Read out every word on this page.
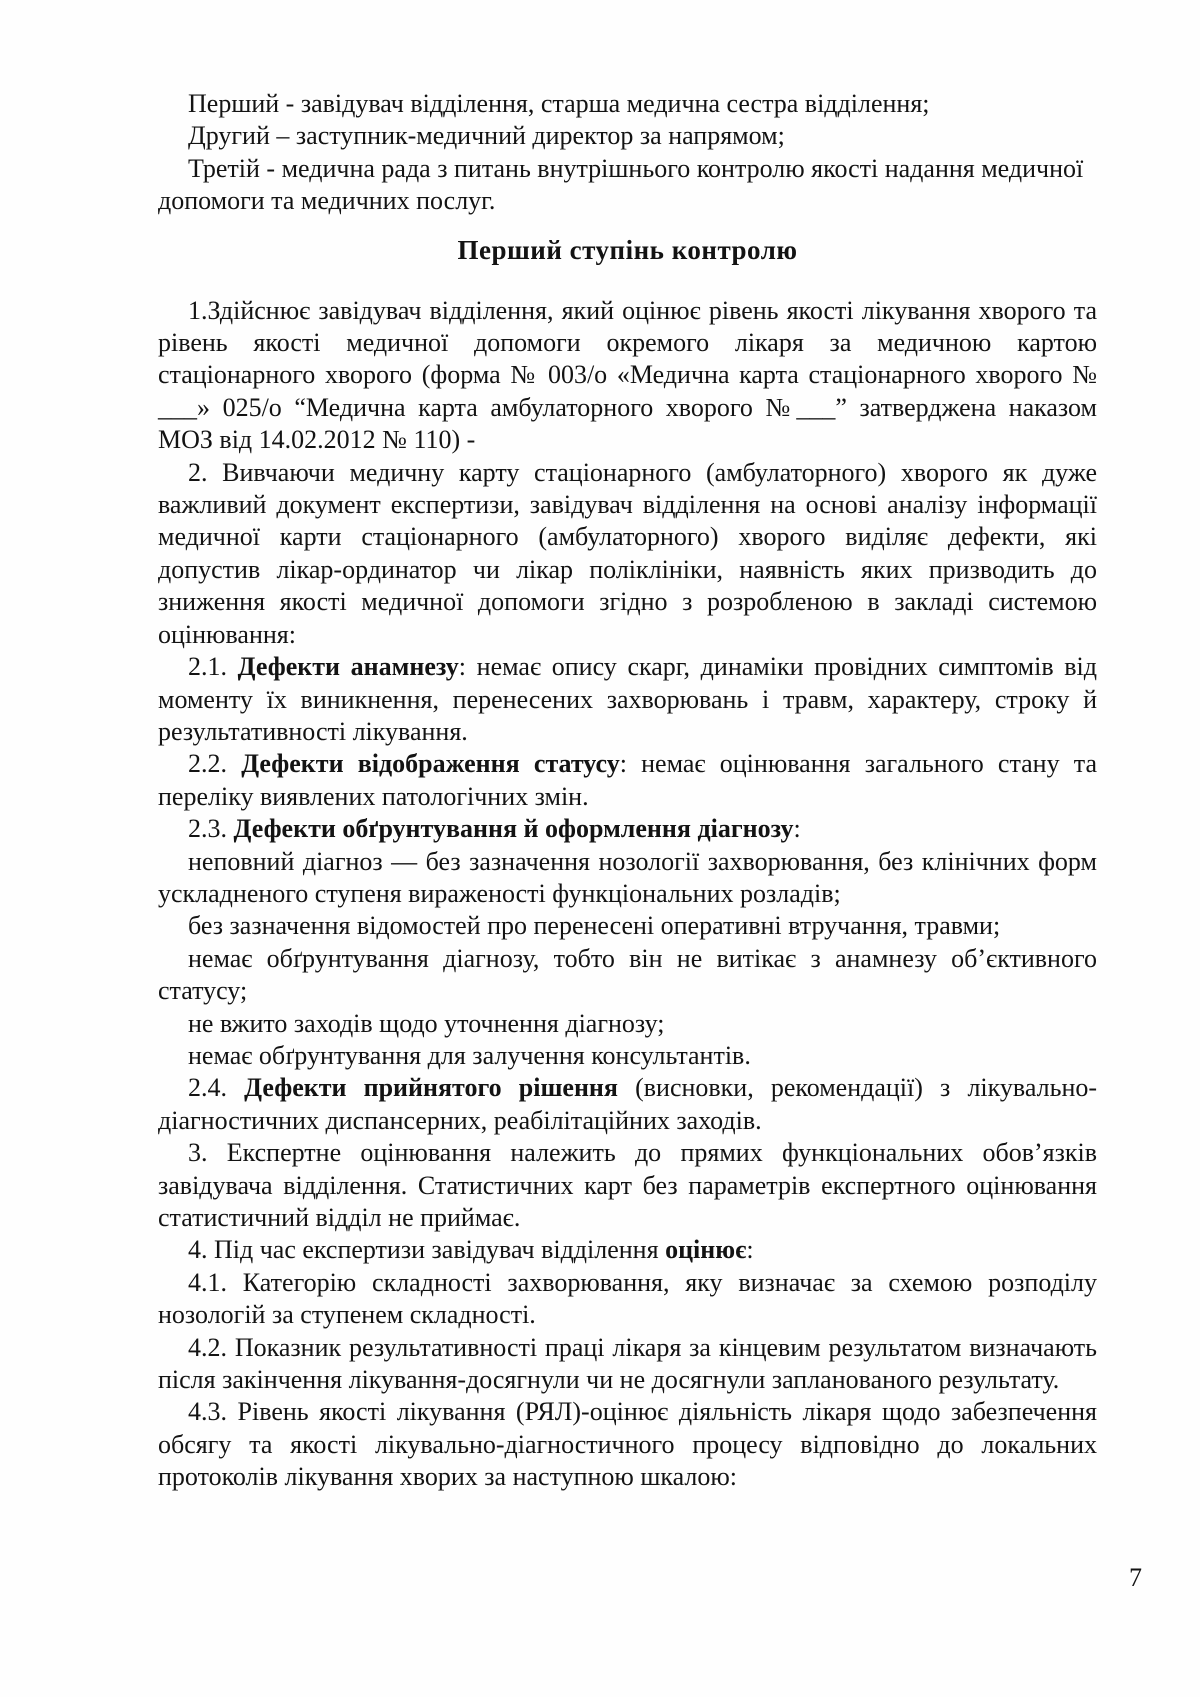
Перший - завідувач відділення, старша медична сестра відділення;

Другий – заступник-медичний директор за напрямом;

Третій - медична рада з питань внутрішнього контролю якості надання медичної допомоги та медичних послуг.

Перший ступінь контролю

1.Здійснює завідувач відділення, який оцінює рівень якості лікування хворого та рівень якості медичної допомоги окремого лікаря за медичною картою стаціонарного хворого (форма № 003/о «Медична карта стаціонарного хворого № ___» 025/о “Медична карта амбулаторного хворого №___” затверджена наказом МОЗ від 14.02.2012 № 110) -

2. Вивчаючи медичну карту стаціонарного (амбулаторного) хворого як дуже важливий документ експертизи, завідувач відділення на основі аналізу інформації медичної карти стаціонарного (амбулаторного) хворого виділяє дефекти, які допустив лікар-ординатор чи лікар поліклініки, наявність яких призводить до зниження якості медичної допомоги згідно з розробленою в закладі системою оцінювання:

2.1. Дефекти анамнезу: немає опису скарг, динаміки провідних симптомів від моменту їх виникнення, перенесених захворювань і травм, характеру, строку й результативності лікування.

2.2. Дефекти відображення статусу: немає оцінювання загального стану та переліку виявлених патологічних змін.

2.3. Дефекти обґрунтування й оформлення діагнозу:

неповний діагноз — без зазначення нозології захворювання, без клінічних форм ускладненого ступеня вираженості функціональних розладів;

без зазначення відомостей про перенесені оперативні втручання, травми;

немає обґрунтування діагнозу, тобто він не витікає з анамнезу об’єктивного статусу;

не вжито заходів щодо уточнення діагнозу;

немає обґрунтування для залучення консультантів.

2.4. Дефекти прийнятого рішення (висновки, рекомендації) з лікувально-діагностичних диспансерних, реабілітаційних заходів.

3. Експертне оцінювання належить до прямих функціональних обов’язків завідувача відділення. Статистичних карт без параметрів експертного оцінювання статистичний відділ не приймає.

4. Під час експертизи завідувач відділення оцінює:

4.1. Категорію складності захворювання, яку визначає за схемою розподілу нозологій за ступенем складності.

4.2. Показник результативності праці лікаря за кінцевим результатом визначають після закінчення лікування-досягнули чи не досягнули запланованого результату.

4.3. Рівень якості лікування (РЯЛ)-оцінює діяльність лікаря щодо забезпечення обсягу та якості лікувально-діагностичного процесу відповідно до локальних протоколів лікування хворих за наступною шкалою:

7
